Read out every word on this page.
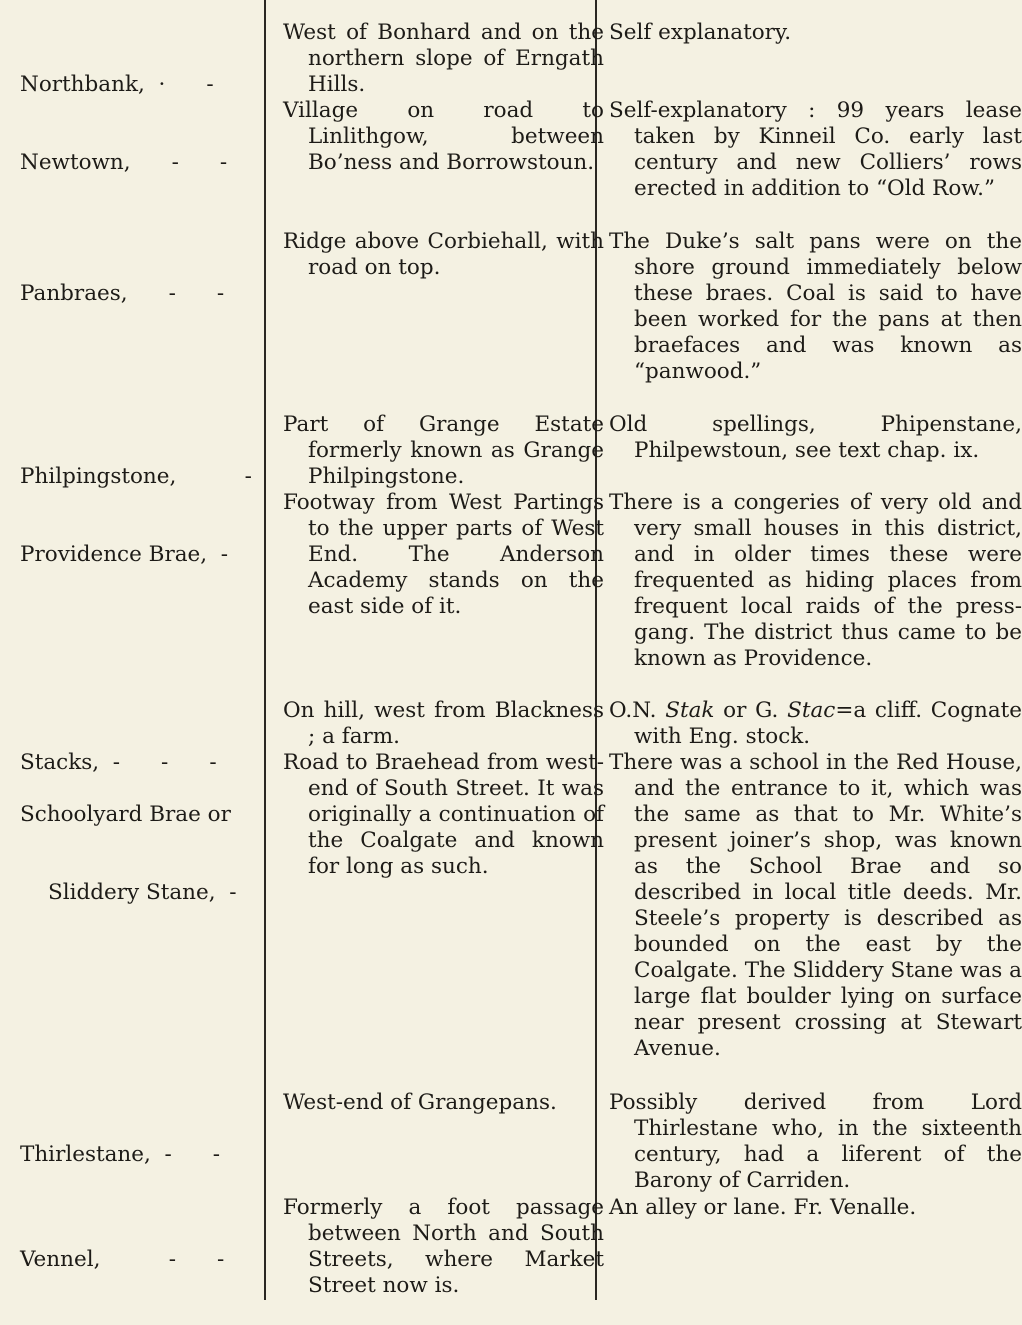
Northbank,  ·      -

West of Bonhard and on the northern slope of Erngath Hills.
Self explanatory.

Newtown,      -      -

Village on road to Linlithgow, between Bo’ness and Borrowstoun.
Self-explanatory : 99 years lease taken by Kinneil Co. early last century and new Colliers’ rows erected in addition to “Old Row.”

Panbraes,      -      -

Ridge above Corbiehall, with road on top.
The Duke’s salt pans were on the shore ground immediately below these braes. Coal is said to have been worked for the pans at then braefaces and was known as “panwood.”

Philpingstone,          -

Part of Grange Estate formerly known as Grange Philpingstone.
Old spellings, Phipenstane, Philpewstoun, see text chap. ix.

Providence Brae,  -

Footway from West Partings to the upper parts of West End. The Anderson Academy stands on the east side of it.
There is a congeries of very old and very small houses in this district, and in older times these were frequented as hiding places from frequent local raids of the press-gang. The district thus came to be known as Providence.

Stacks,  -      -      -

On hill, west from Blackness ; a farm.
O.N. Stak or G. Stac=a cliff. Cognate with Eng. stock.

Schoolyard Brae or

Sliddery Stane,  -

Road to Braehead from west-end of South Street. It was originally a continuation of the Coalgate and known for long as such.
There was a school in the Red House, and the entrance to it, which was the same as that to Mr. White’s present joiner’s shop, was known as the School Brae and so described in local title deeds. Mr. Steele’s property is described as bounded on the east by the Coalgate. The Sliddery Stane was a large flat boulder lying on surface near present crossing at Stewart Avenue.

Thirlestane,  -      -

West-end of Grangepans.	Possibly derived from Lord Thirlestane who, in the sixteenth century, had a liferent of the Barony of Carriden.

Vennel,          -      -

Formerly a foot passage between North and South Streets, where Market Street now is.
An alley or lane. Fr. Venalle.
